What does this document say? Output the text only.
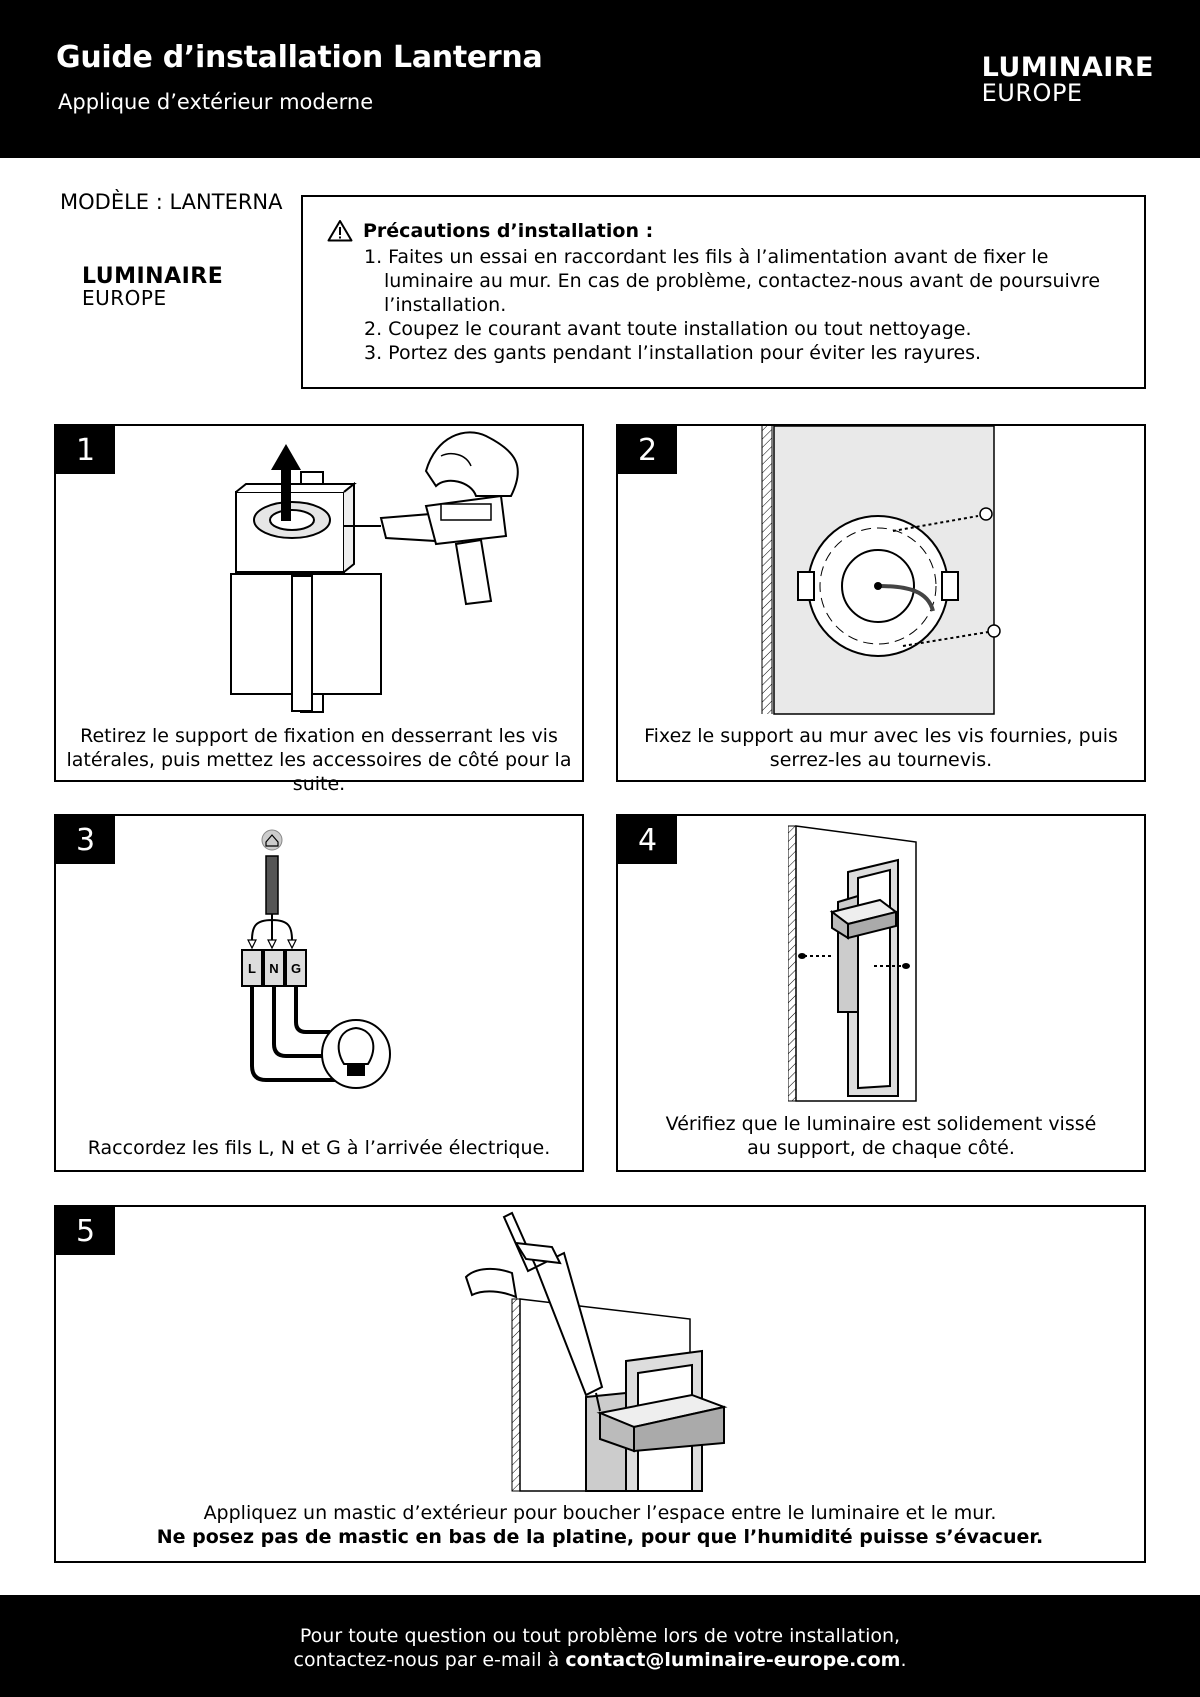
Guide d’installation Lanterna
Applique d’extérieur moderne
LUMINAIRE
EUROPE
MODÈLE : LANTERNA
LUMINAIRE
EUROPE
Précautions d’installation :
1. Faites un essai en raccordant les fils à l’alimentation avant de fixer le luminaire au mur. En cas de problème, contactez-nous avant de poursuivre l’installation.
2. Coupez le courant avant toute installation ou tout nettoyage.
3. Portez des gants pendant l’installation pour éviter les rayures.
1
Retirez le support de fixation en desserrant les vis
latérales, puis mettez les accessoires de côté pour la suite.
2
Fixez le support au mur avec les vis fournies, puis
serrez-les au tournevis.
3
L N G
Raccordez les fils L, N et G à l’arrivée électrique.
4
Vérifiez que le luminaire est solidement vissé
au support, de chaque côté.
5
Appliquez un mastic d’extérieur pour boucher l’espace entre le luminaire et le mur.
Ne posez pas de mastic en bas de la platine, pour que l’humidité puisse s’évacuer.
Pour toute question ou tout problème lors de votre installation,
contactez-nous par e-mail à contact@luminaire-europe.com.
